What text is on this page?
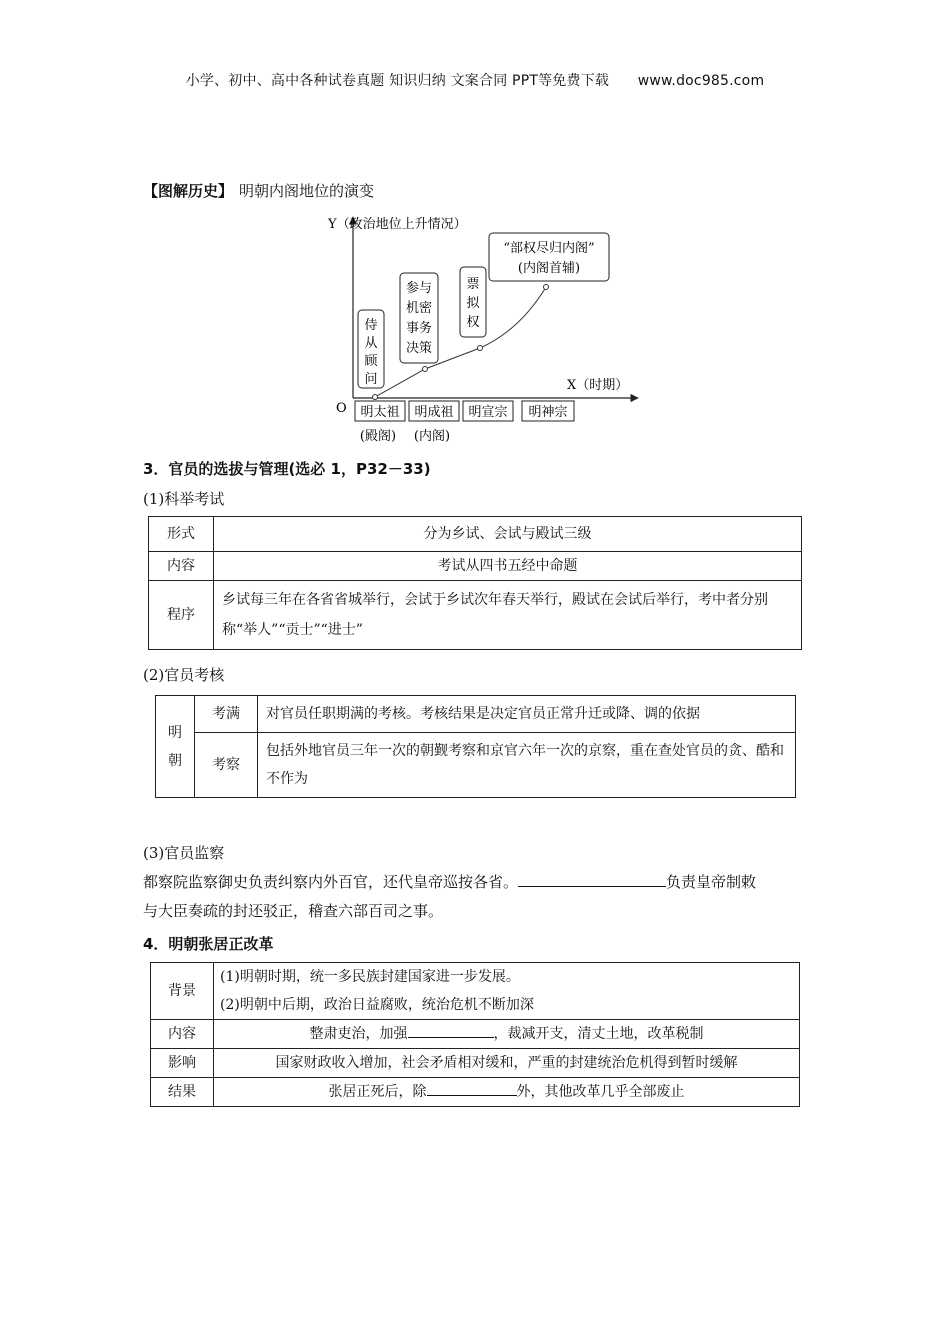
小学、初中、高中各种试卷真题 知识归纳 文案合同 PPT等免费下载 www.doc985.com
【图解历史】 明朝内阁地位的演变
Y（政治地位上升情况）
X（时期）
O
侍
从
顾
问
参与
机密
事务
决策
票
拟
权
“部权尽归内阁”
(内阁首辅)
明太祖 明成祖 明宣宗 明神宗
(殿阁) (内阁)
3．官员的选拔与管理(选必 1，P32－33)
(1)科举考试
形式	分为乡试、会试与殿试三级
内容	考试从四书五经中命题
程序	乡试每三年在各省省城举行，会试于乡试次年春天举行，殿试在会试后举行，考中者分别称“举人”“贡士”“进士”
(2)官员考核
明朝	考满	对官员任职期满的考核。考核结果是决定官员正常升迁或降、调的依据
	考察	包括外地官员三年一次的朝觐考察和京官六年一次的京察，重在查处官员的贪、酷和不作为
(3)官员监察
都察院监察御史负责纠察内外百官，还代皇帝巡按各省。	负责皇帝制敕
与大臣奏疏的封还驳正，稽查六部百司之事。
4．明朝张居正改革
背景	(1)明朝时期，统一多民族封建国家进一步发展。
(2)明朝中后期，政治日益腐败，统治危机不断加深

内容	整肃吏治，加强 ，裁减开支，清丈土地，改革税制
影响	国家财政收入增加，社会矛盾相对缓和，严重的封建统治危机得到暂时缓解
结果	张居正死后，除 外，其他改革几乎全部废止
